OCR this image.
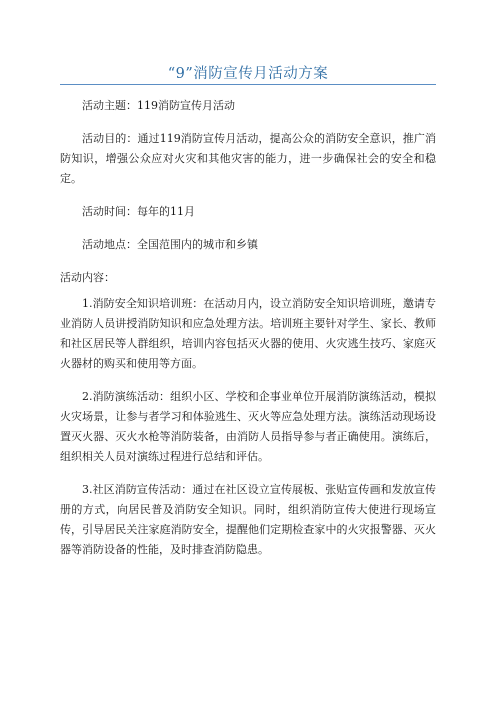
“9”消防宣传月活动方案

活动主题：119消防宣传月活动

活动目的：通过119消防宣传月活动，提高公众的消防安全意识，推广消防知识，增强公众应对火灾和其他灾害的能力，进一步确保社会的安全和稳定。

活动时间：每年的11月

活动地点：全国范围内的城市和乡镇

活动内容：

1.消防安全知识培训班：在活动月内，设立消防安全知识培训班，邀请专业消防人员讲授消防知识和应急处理方法。培训班主要针对学生、家长、教师和社区居民等人群组织，培训内容包括灭火器的使用、火灾逃生技巧、家庭灭火器材的购买和使用等方面。

2.消防演练活动：组织小区、学校和企事业单位开展消防演练活动，模拟火灾场景，让参与者学习和体验逃生、灭火等应急处理方法。演练活动现场设置灭火器、灭火水枪等消防装备，由消防人员指导参与者正确使用。演练后，组织相关人员对演练过程进行总结和评估。

3.社区消防宣传活动：通过在社区设立宣传展板、张贴宣传画和发放宣传册的方式，向居民普及消防安全知识。同时，组织消防宣传大使进行现场宣传，引导居民关注家庭消防安全，提醒他们定期检查家中的火灾报警器、灭火器等消防设备的性能，及时排查消防隐患。
